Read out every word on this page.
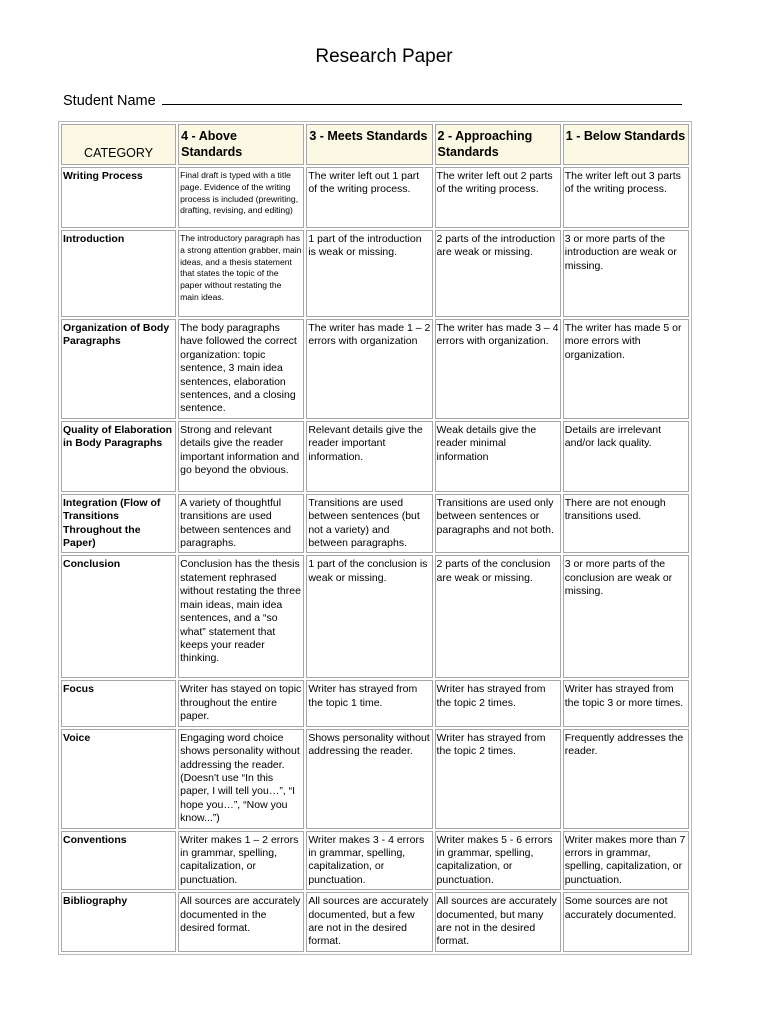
Research Paper
Student Name
CATEGORY	4 - Above Standards	3 - Meets Standards	2 - Approaching Standards	1 - Below Standards
Writing Process	Final draft is typed with a title page. Evidence of the writing process is included (prewriting, drafting, revising, and editing)	The writer left out 1 part of the writing process.	The writer left out 2 parts of the writing process.	The writer left out 3 parts of the writing process.
Introduction	The introductory paragraph has a strong attention grabber, main ideas, and a thesis statement that states the topic of the paper without restating the main ideas.	1 part of the introduction is weak or missing.	2 parts of the introduction are weak or missing.	3 or more parts of the introduction are weak or missing.
Organization of Body Paragraphs	The body paragraphs have followed the correct organization: topic sentence, 3 main idea sentences, elaboration sentences, and a closing sentence.	The writer has made 1 – 2 errors with organization	The writer has made 3 – 4 errors with organization.	The writer has made 5 or more errors with organization.
Quality of Elaboration in Body Paragraphs	Strong and relevant details give the reader important information and go beyond the obvious.	Relevant details give the reader important information.	Weak details give the reader minimal information	Details are irrelevant and/or lack quality.
Integration (Flow of Transitions Throughout the Paper)	A variety of thoughtful transitions are used between sentences and paragraphs.	Transitions are used between sentences (but not a variety) and between paragraphs.	Transitions are used only between sentences or paragraphs and not both.	There are not enough transitions used.
Conclusion	Conclusion has the thesis statement rephrased without restating the three main ideas, main idea sentences, and a “so what” statement that keeps your reader thinking.	1 part of the conclusion is weak or missing.	2 parts of the conclusion are weak or missing.	3 or more parts of the conclusion are weak or missing.
Focus	Writer has stayed on topic throughout the entire paper.	Writer has strayed from the topic 1 time.	Writer has strayed from the topic 2 times.	Writer has strayed from the topic 3 or more times.
Voice	Engaging word choice shows personality without addressing the reader. (Doesn't use “In this paper, I will tell you…”, “I hope you…”, “Now you know...”)	Shows personality without addressing the reader.	Writer has strayed from the topic 2 times.	Frequently addresses the reader.
Conventions	Writer makes 1 – 2 errors in grammar, spelling, capitalization, or punctuation.	Writer makes 3 - 4 errors in grammar, spelling, capitalization, or punctuation.	Writer makes 5 - 6 errors in grammar, spelling, capitalization, or punctuation.	Writer makes more than 7 errors in grammar, spelling, capitalization, or punctuation.
Bibliography	All sources are accurately documented in the desired format.	All sources are accurately documented, but a few are not in the desired format.	All sources are accurately documented, but many are not in the desired format.	Some sources are not accurately documented.
